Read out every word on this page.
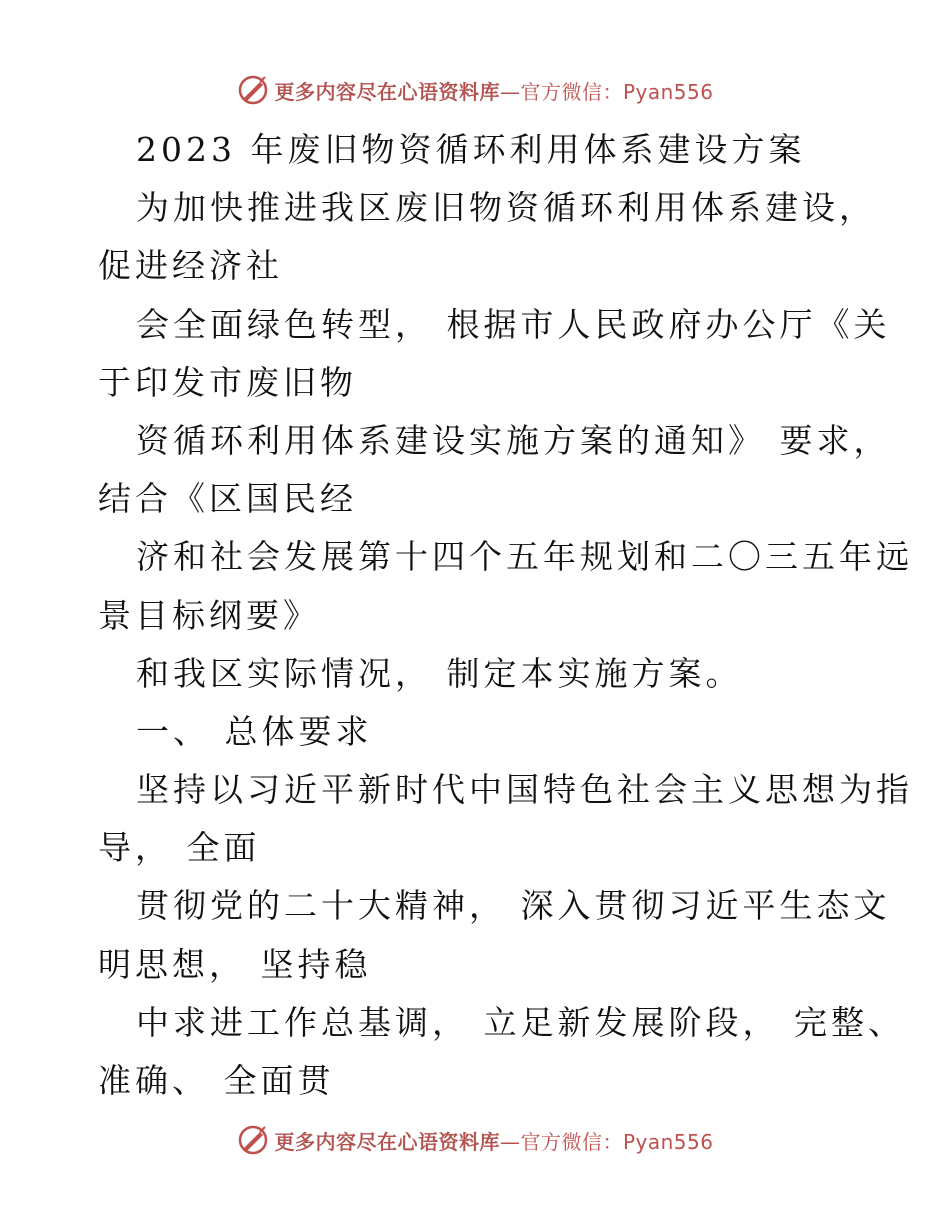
更多内容尽在心语资料库—官方微信：Pyan556
2023 年废旧物资循环利用体系建设方案
为加快推进我区废旧物资循环利用体系建设，
促进经济社
会全面绿色转型， 根据市人民政府办公厅《关
于印发市废旧物
资循环利用体系建设实施方案的通知》 要求，
结合《区国民经
济和社会发展第十四个五年规划和二〇三五年远
景目标纲要》
和我区实际情况， 制定本实施方案。
一、 总体要求
坚持以习近平新时代中国特色社会主义思想为指
导， 全面
贯彻党的二十大精神， 深入贯彻习近平生态文
明思想， 坚持稳
中求进工作总基调， 立足新发展阶段， 完整、
准确、 全面贯
更多内容尽在心语资料库—官方微信：Pyan556
